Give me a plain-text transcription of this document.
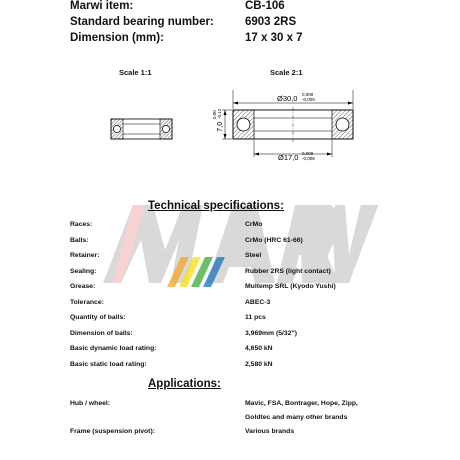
Marwi item:	CB-106
Standard bearing number:	6903 2RS
Dimension (mm):	17 x 30 x 7
Scale 1:1	Scale 2:1
Ø30,0 0,000
-0,009
7,0
0,00 -0,12
Ø17,0 0,000
-0,008
MARWI
Technical specifications:
Races:	CrMo
Balls:	CrMo (HRC 61-66)
Retainer:	Steel
Sealing:	Rubber 2RS (light contact)
Grease:	Multemp SRL (Kyodo Yushi)
Tolerance:	ABEC-3
Quantity of balls:	11 pcs
Dimension of balls:	3,969mm (5/32")
Basic dynamic load rating:	4,650 kN
Basic static load rating:	2,580 kN
Applications:
Hub / wheel:	Mavic, FSA, Bontrager, Hope, Zipp,
Goldtec and many other brands
Frame (suspension pivot):	Various brands
